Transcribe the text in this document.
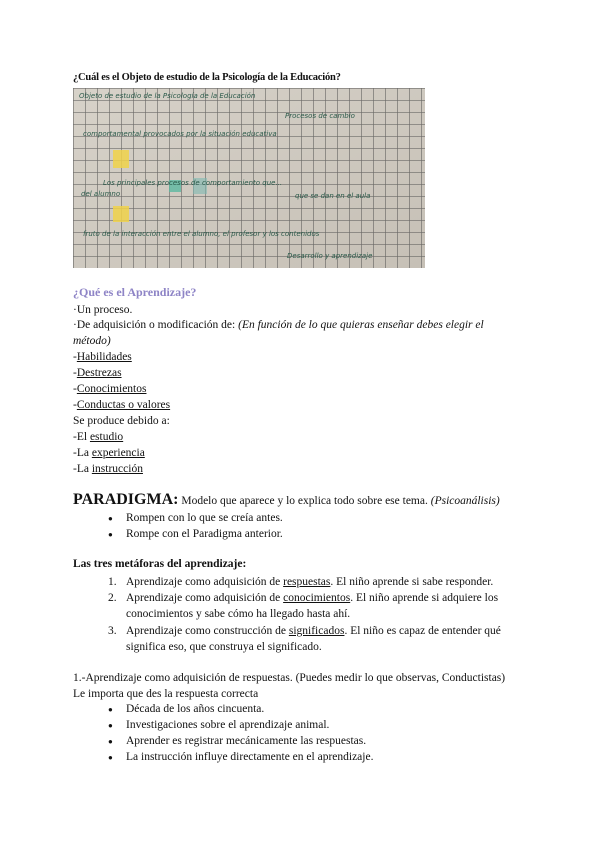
¿Cuál es el Objeto de estudio de la Psicología de la Educación?
Objeto de estudio de la Psicología de la Educación
Procesos de cambio
comportamental provocados por la situación educativa
Los principales procesos de comportamiento que...
del alumno	que se dan en el aula
fruto de la interacción entre el alumno, el profesor y los contenidos
Desarrollo y aprendizaje
¿Qué es el Aprendizaje?
·Un proceso.
·De adquisición o modificación de: (En función de lo que quieras enseñar debes elegir el
método)
-Habilidades
-Destrezas
-Conocimientos
-Conductas o valores
Se produce debido a:
-El estudio
-La experiencia
-La instrucción
PARADIGMA: Modelo que aparece y lo explica todo sobre ese tema. (Psicoanálisis)
● Rompen con lo que se creía antes.
● Rompe con el Paradigma anterior.
Las tres metáforas del aprendizaje:
1. Aprendizaje como adquisición de respuestas. El niño aprende si sabe responder.
2. Aprendizaje como adquisición de conocimientos. El niño aprende si adquiere los
conocimientos y sabe cómo ha llegado hasta ahí.
3. Aprendizaje como construcción de significados. El niño es capaz de entender qué
significa eso, que construya el significado.
1.-Aprendizaje como adquisición de respuestas. (Puedes medir lo que observas, Conductistas)
Le importa que des la respuesta correcta
● Década de los años cincuenta.
● Investigaciones sobre el aprendizaje animal.
● Aprender es registrar mecánicamente las respuestas.
● La instrucción influye directamente en el aprendizaje.
